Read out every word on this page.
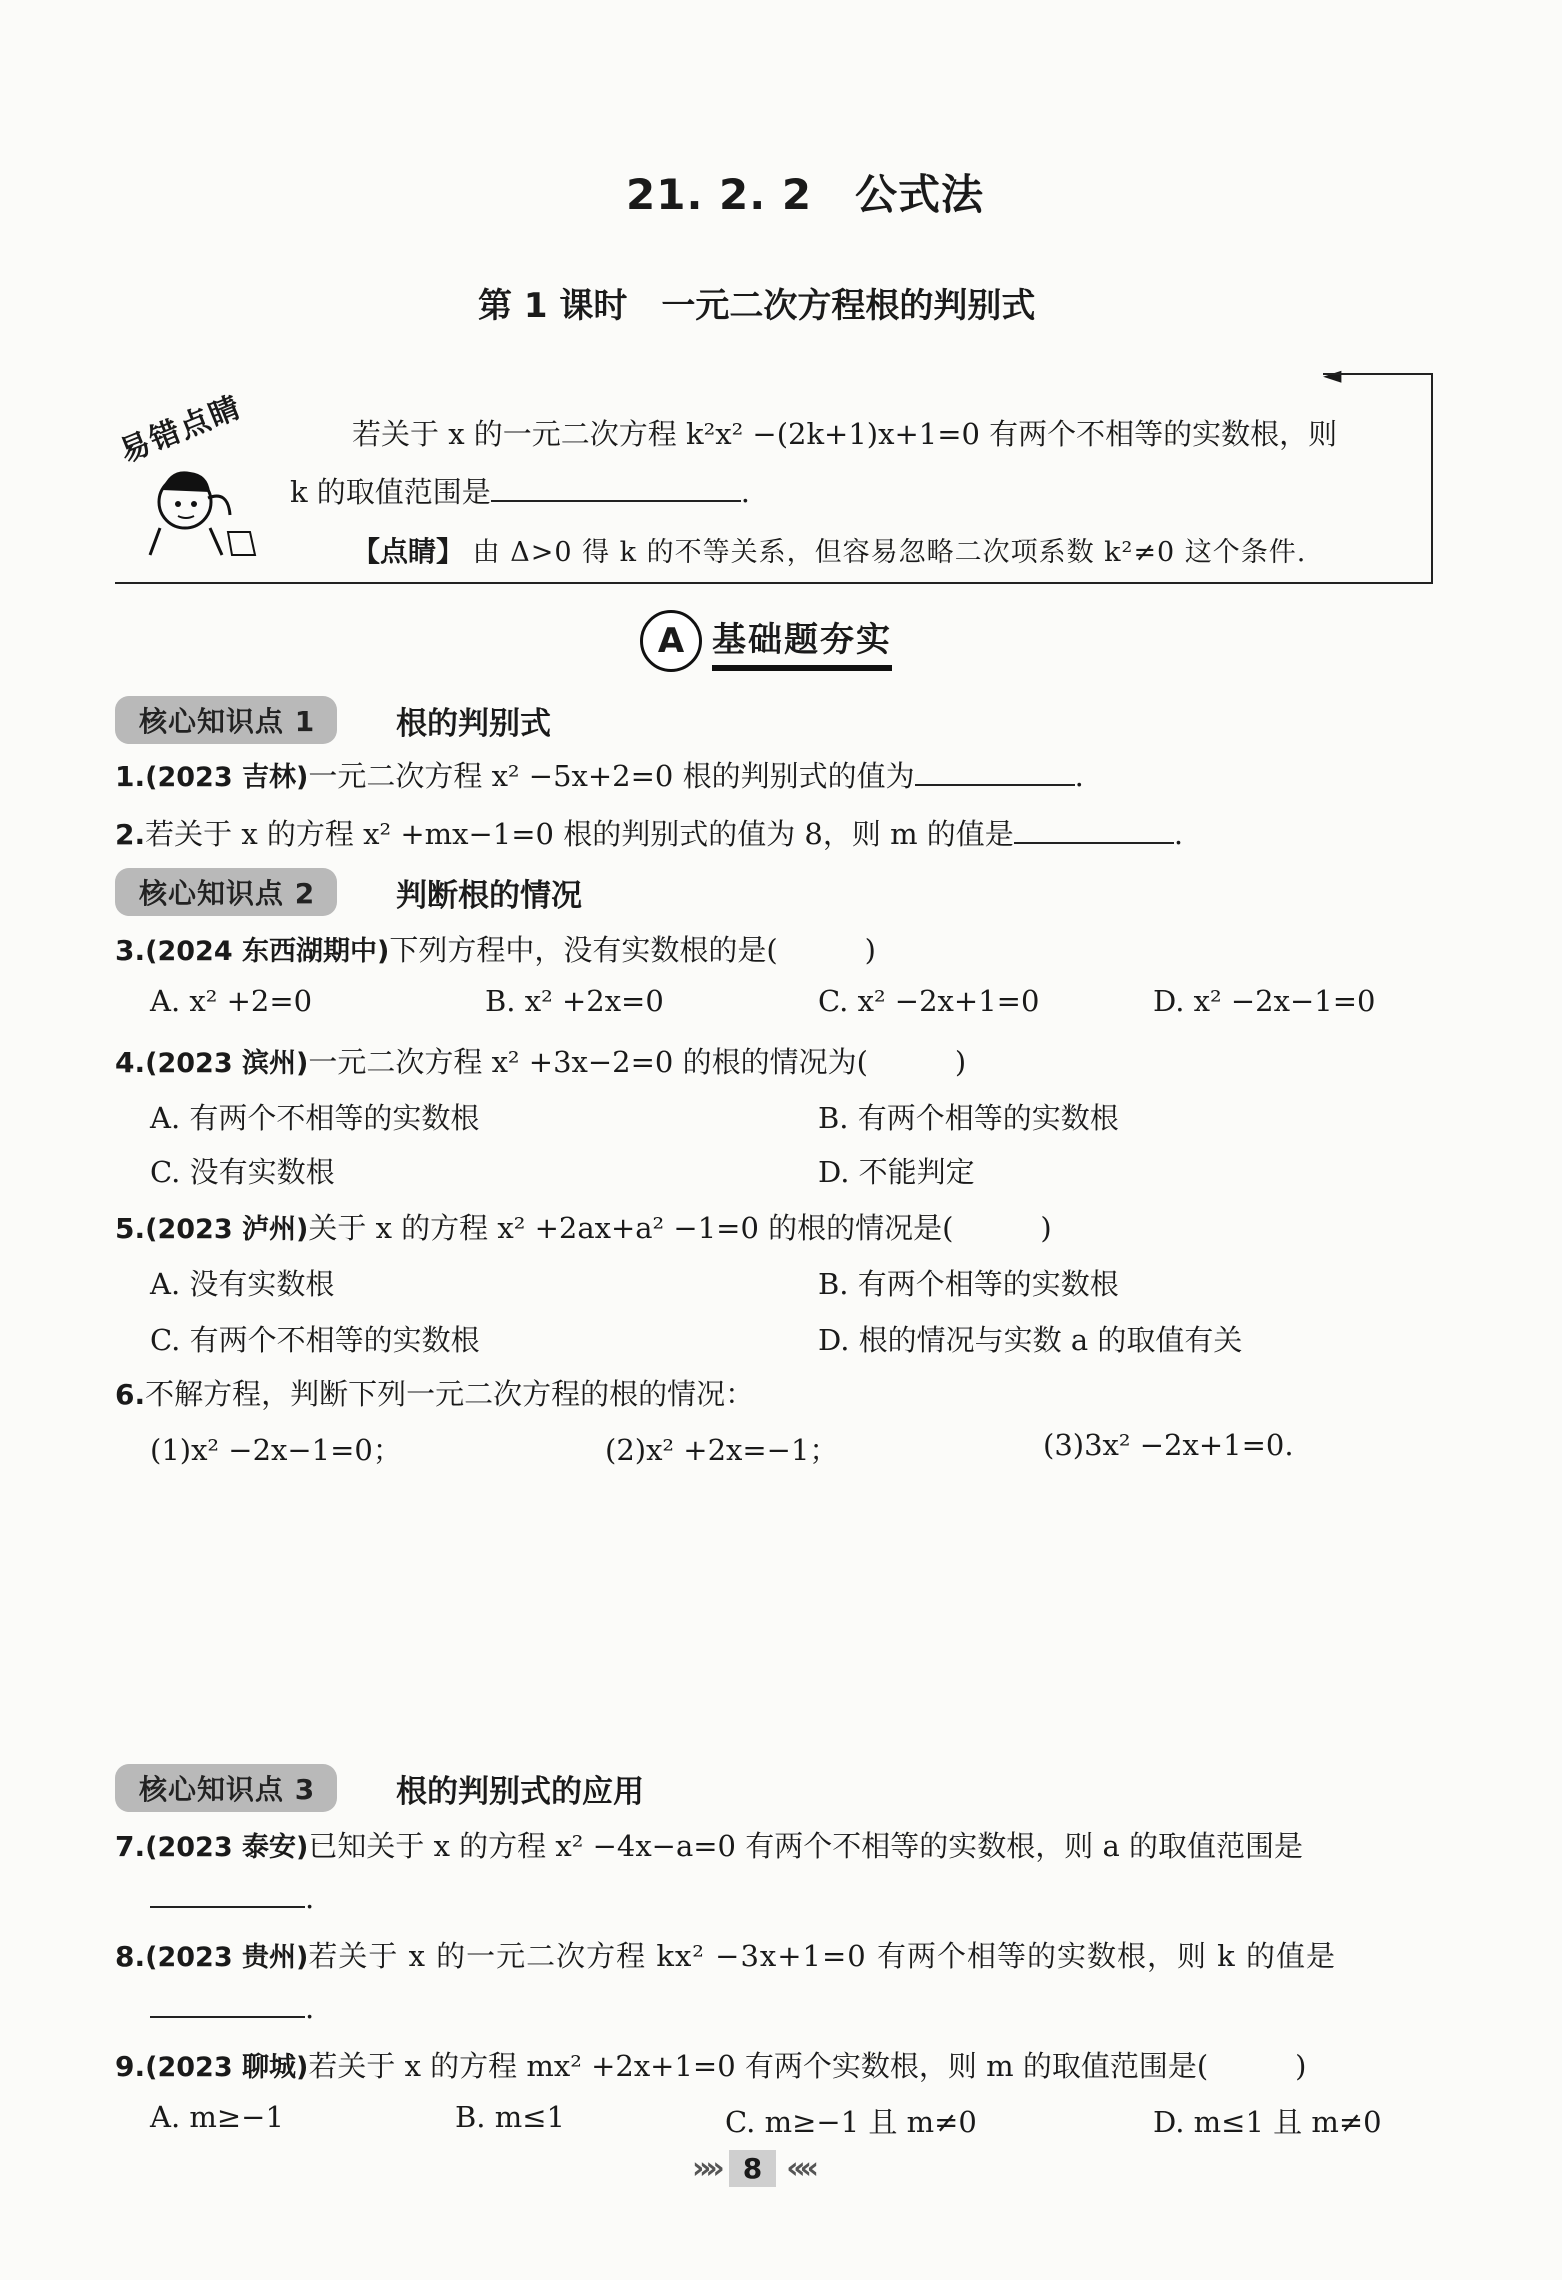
21. 2. 2　公式法
第 1 课时　一元二次方程根的判别式
◄
易错点睛	若关于 x 的一元二次方程 k²x² −(2k+1)x+1=0 有两个不相等的实数根，则
k 的取值范围是	.
【点睛】 由 Δ>0 得 k 的不等关系，但容易忽略二次项系数 k²≠0 这个条件.
A 基础题夯实
核心知识点 1	根的判别式
1.(2023 吉林)一元二次方程 x² −5x+2=0 根的判别式的值为	.
2.若关于 x 的方程 x² +mx−1=0 根的判别式的值为 8，则 m 的值是	.
核心知识点 2	判断根的情况
3.(2024 东西湖期中)下列方程中，没有实数根的是(　　　)
A. x² +2=0	B. x² +2x=0	C. x² −2x+1=0	D. x² −2x−1=0
4.(2023 滨州)一元二次方程 x² +3x−2=0 的根的情况为(　　　)
A. 有两个不相等的实数根	B. 有两个相等的实数根
C. 没有实数根	D. 不能判定
5.(2023 泸州)关于 x 的方程 x² +2ax+a² −1=0 的根的情况是(　　　)
A. 没有实数根	B. 有两个相等的实数根
C. 有两个不相等的实数根	D. 根的情况与实数 a 的取值有关
6.不解方程，判断下列一元二次方程的根的情况：
(1)x² −2x−1=0；	(2)x² +2x=−1；	(3)3x² −2x+1=0.
核心知识点 3	根的判别式的应用
7.(2023 泰安)已知关于 x 的方程 x² −4x−a=0 有两个不相等的实数根，则 a 的取值范围是
.
8.(2023 贵州)若关于 x 的一元二次方程 kx² −3x+1=0 有两个相等的实数根，则 k 的值是
.
9.(2023 聊城)若关于 x 的方程 mx² +2x+1=0 有两个实数根，则 m 的取值范围是(　　　)
A. m≥−1	B. m≤1	C. m≥−1 且 m≠0	D. m≤1 且 m≠0
»» 8 ««
